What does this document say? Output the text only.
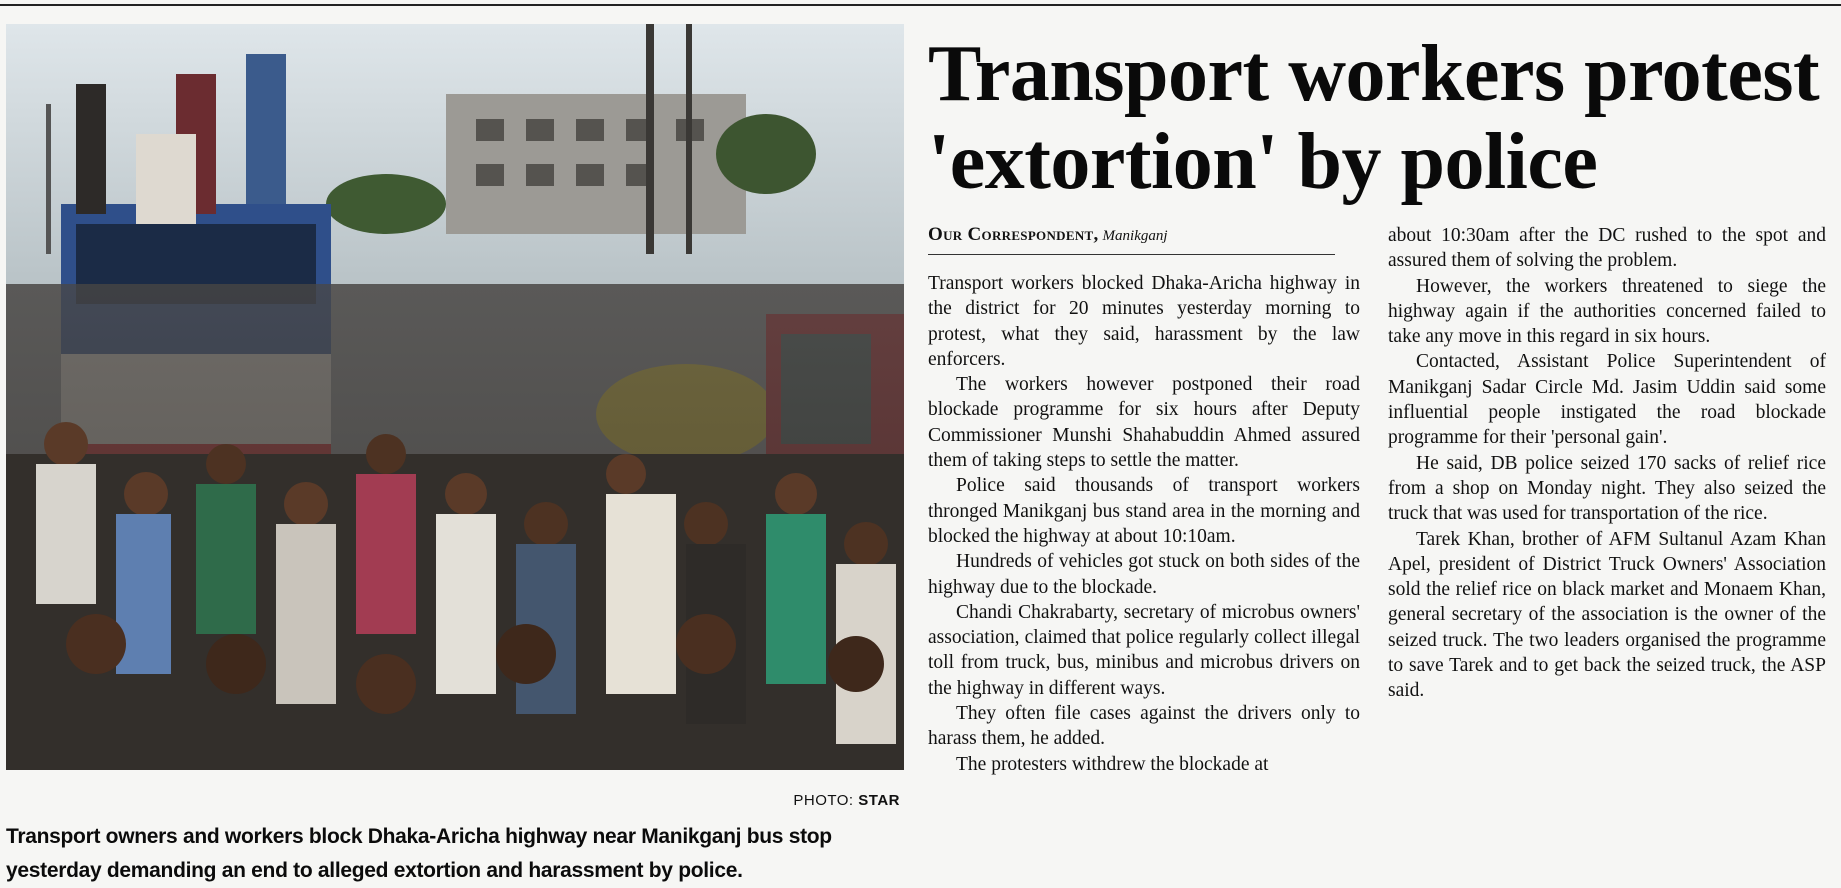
PHOTO: STAR
Transport owners and workers block Dhaka-Aricha highway near Manikganj bus stop yesterday demanding an end to alleged extortion and harassment by police.
Transport workers protest 'extortion' by police
Our Correspondent, Manikganj

Transport workers blocked Dhaka-Aricha highway in the district for 20 minutes yesterday morning to protest, what they said, harassment by the law enforcers.

The workers however postponed their road blockade programme for six hours after Deputy Commissioner Munshi Shahabuddin Ahmed assured them of taking steps to settle the matter.

Police said thousands of transport workers thronged Manikganj bus stand area in the morning and blocked the highway at about 10:10am.

Hundreds of vehicles got stuck on both sides of the highway due to the blockade.

Chandi Chakrabarty, secretary of microbus owners' association, claimed that police regularly collect illegal toll from truck, bus, minibus and microbus drivers on the highway in different ways.

They often file cases against the drivers only to harass them, he added.

The protesters withdrew the blockade at

about 10:30am after the DC rushed to the spot and assured them of solving the problem.

However, the workers threatened to siege the highway again if the authorities concerned failed to take any move in this regard in six hours.

Contacted, Assistant Police Superintendent of Manikganj Sadar Circle Md. Jasim Uddin said some influential people instigated the road blockade programme for their 'personal gain'.

He said, DB police seized 170 sacks of relief rice from a shop on Monday night. They also seized the truck that was used for transportation of the rice.

Tarek Khan, brother of AFM Sultanul Azam Khan Apel, president of District Truck Owners' Association sold the relief rice on black market and Monaem Khan, general secretary of the association is the owner of the seized truck. The two leaders organised the programme to save Tarek and to get back the seized truck, the ASP said.
